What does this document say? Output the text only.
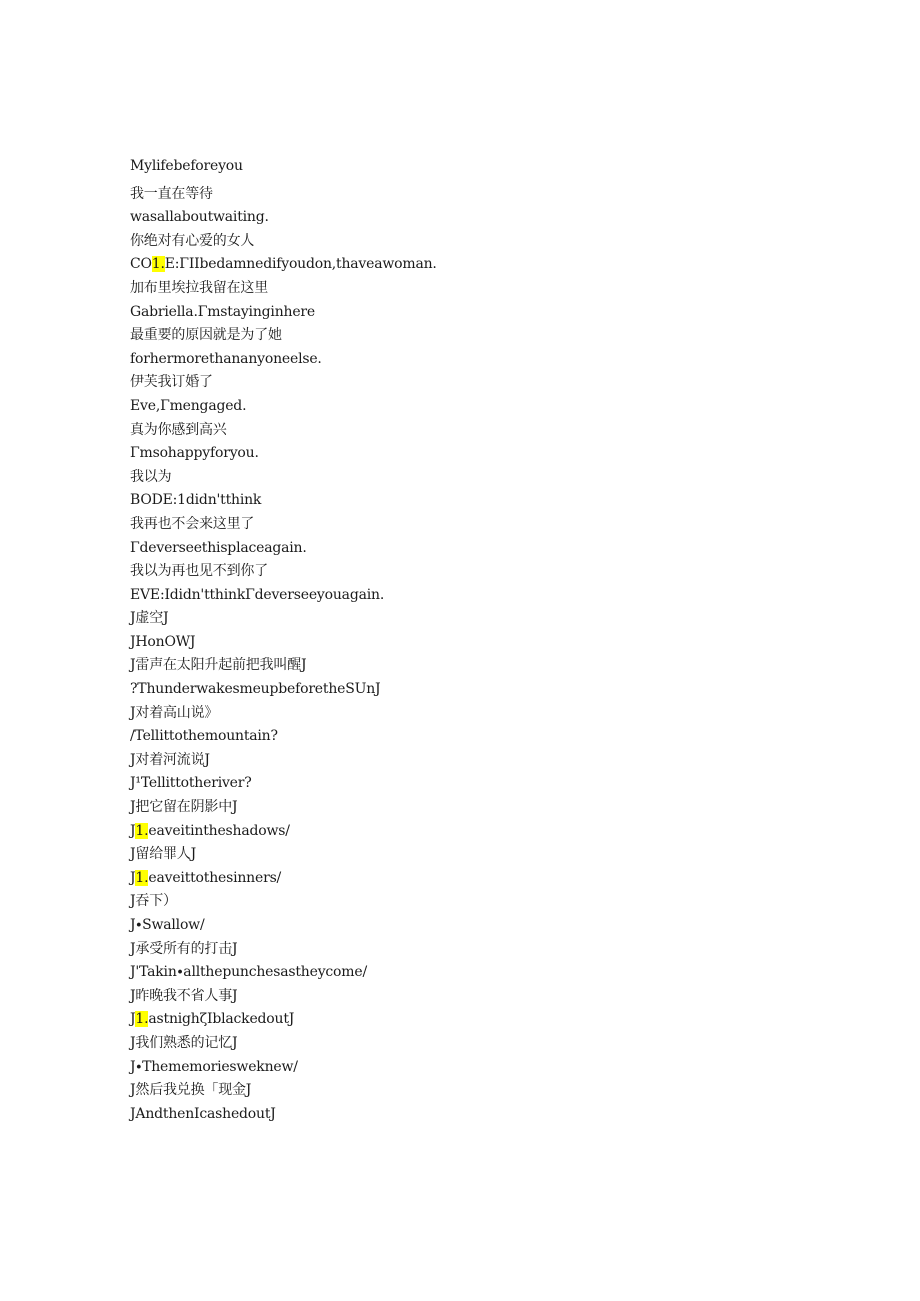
Mylifebeforeyou
我一直在等待
wasallaboutwaiting.
你绝对有心爱的女人
CO1.E:ΓIIbedamnedifyoudon,thaveawoman.
加布里埃拉我留在这里
Gabriella.Γmstayinginhere
最重要的原因就是为了她
forhermorethananyoneelse.
伊芙我订婚了
Eve,Γmengaged.
真为你感到高兴
Γmsohappyforyou.
我以为
BODE:1didn'tthink
我再也不会来这里了
Γdeverseethisplaceagain.
我以为再也见不到你了
EVE:Ididn'tthinkΓdeverseeyouagain.
J虚空J
JHonOWJ
J雷声在太阳升起前把我叫醒J
?ThunderwakesmeupbeforetheSUnJ
J对着高山说》
/Tellittothemountain?
J对着河流说J
J¹Tellittotheriver?
J把它留在阴影中J
J1.eaveitintheshadows/
J留给罪人J
J1.eaveittothesinners/
J吞下）
J∙Swallow/
J承受所有的打击J
J'Takin∙allthepunchesastheycome/
J昨晚我不省人事J
J1.astnighζIblackedoutJ
J我们熟悉的记忆J
J∙Thememoriesweknew/
J然后我兑换「现金J
JAndthenIcashedoutJ
